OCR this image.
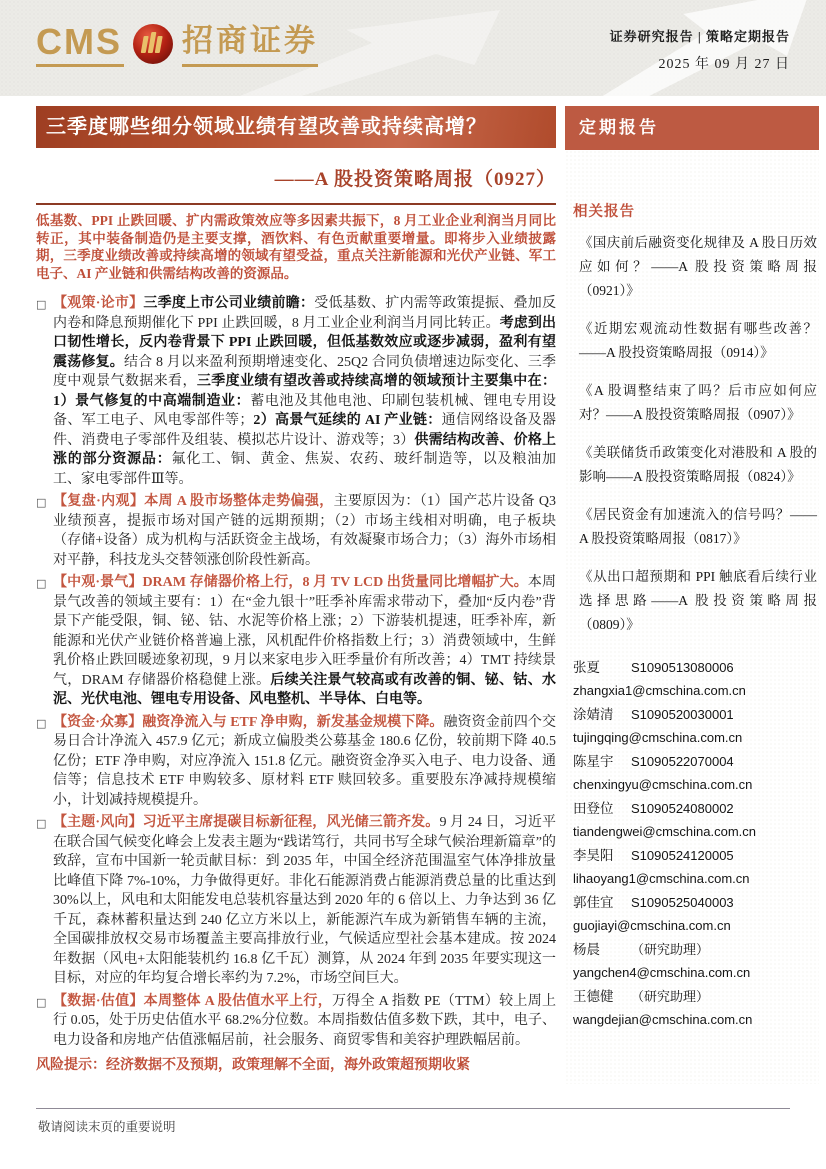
CMS 招商证券	证券研究报告 | 策略定期报告
2025 年 09 月 27 日
三季度哪些细分领域业绩有望改善或持续高增？
——A 股投资策略周报（0927）
低基数、PPI 止跌回暖、扩内需政策效应等多因素共振下，8 月工业企业利润当月同比转正，其中装备制造仍是主要支撑，酒饮料、有色贡献重要增量。即将步入业绩披露期，三季度业绩改善或持续高增的领域有望受益，重点关注新能源和光伏产业链、军工电子、AI 产业链和供需结构改善的资源品。
□ 【观策·论市】三季度上市公司业绩前瞻：受低基数、扩内需等政策提振、叠加反内卷和降息预期催化下 PPI 止跌回暖，8 月工业企业利润当月同比转正。考虑到出口韧性增长，反内卷背景下 PPI 止跌回暖，但低基数效应或逐步减弱，盈利有望震荡修复。结合 8 月以来盈利预期增速变化、25Q2 合同负债增速边际变化、三季度中观景气数据来看，三季度业绩有望改善或持续高增的领域预计主要集中在：1）景气修复的中高端制造业：蓄电池及其他电池、印刷包装机械、锂电专用设备、军工电子、风电零部件等；2）高景气延续的 AI 产业链：通信网络设备及器件、消费电子零部件及组装、模拟芯片设计、游戏等；3）供需结构改善、价格上涨的部分资源品：氟化工、铜、黄金、焦炭、农药、玻纤制造等，以及粮油加工、家电零部件Ⅲ等。
□ 【复盘·内观】本周 A 股市场整体走势偏强，主要原因为：（1）国产芯片设备 Q3 业绩预喜，提振市场对国产链的远期预期；（2）市场主线相对明确，电子板块（存储+设备）成为机构与活跃资金主战场，有效凝聚市场合力；（3）海外市场相对平静，科技龙头交替领涨创阶段性新高。
□ 【中观·景气】DRAM 存储器价格上行，8 月 TV LCD 出货量同比增幅扩大。本周景气改善的领域主要有：1）在“金九银十”旺季补库需求带动下，叠加“反内卷”背景下产能受限，铜、铋、钴、水泥等价格上涨；2）下游装机提速，旺季补库，新能源和光伏产业链价格普遍上涨，风机配件价格指数上行；3）消费领域中，生鲜乳价格止跌回暖迹象初现，9 月以来家电步入旺季量价有所改善；4）TMT 持续景气，DRAM 存储器价格稳健上涨。后续关注景气较高或有改善的铜、铋、钴、水泥、光伏电池、锂电专用设备、风电整机、半导体、白电等。
□ 【资金·众寡】融资净流入与 ETF 净申购，新发基金规模下降。融资资金前四个交易日合计净流入 457.9 亿元；新成立偏股类公募基金 180.6 亿份，较前期下降 40.5 亿份；ETF 净申购，对应净流入 151.8 亿元。融资资金净买入电子、电力设备、通信等；信息技术 ETF 申购较多、原材料 ETF 赎回较多。重要股东净减持规模缩小，计划减持规模提升。
□ 【主题·风向】习近平主席提碳目标新征程，风光储三箭齐发。9 月 24 日，习近平在联合国气候变化峰会上发表主题为“践诺笃行，共同书写全球气候治理新篇章”的致辞，宣布中国新一轮贡献目标：到 2035 年，中国全经济范围温室气体净排放量比峰值下降 7%-10%，力争做得更好。非化石能源消费占能源消费总量的比重达到 30%以上，风电和太阳能发电总装机容量达到 2020 年的 6 倍以上、力争达到 36 亿千瓦，森林蓄积量达到 240 亿立方米以上，新能源汽车成为新销售车辆的主流，全国碳排放权交易市场覆盖主要高排放行业，气候适应型社会基本建成。按 2024 年数据（风电+太阳能装机约 16.8 亿千瓦）测算，从 2024 年到 2035 年要实现这一目标，对应的年均复合增长率约为 7.2%，市场空间巨大。
□ 【数据·估值】本周整体 A 股估值水平上行，万得全 A 指数 PE（TTM）较上周上行 0.05，处于历史估值水平 68.2%分位数。本周指数估值多数下跌，其中，电子、电力设备和房地产估值涨幅居前，社会服务、商贸零售和美容护理跌幅居前。
风险提示：经济数据不及预期，政策理解不全面，海外政策超预期收紧
定期报告
相关报告
《国庆前后融资变化规律及 A 股日历效应如何？——A 股投资策略周报（0921）》
《近期宏观流动性数据有哪些改善？——A 股投资策略周报（0914）》
《A 股调整结束了吗？后市应如何应对？——A 股投资策略周报（0907）》
《美联储货币政策变化对港股和 A 股的影响——A 股投资策略周报（0824）》
《居民资金有加速流入的信号吗？——A 股投资策略周报（0817）》
《从出口超预期和 PPI 触底看后续行业选择思路——A 股投资策略周报（0809）》
张夏	S1090513080006
zhangxia1@cmschina.com.cn
涂婧清	S1090520030001
tujingqing@cmschina.com.cn
陈星宇	S1090522070004
chenxingyu@cmschina.com.cn
田登位	S1090524080002
tiandengwei@cmschina.com.cn
李昊阳	S1090524120005
lihaoyang1@cmschina.com.cn
郭佳宜	S1090525040003
guojiayi@cmschina.com.cn
杨晨	（研究助理）
yangchen4@cmschina.com.cn
王德健	（研究助理）
wangdejian@cmschina.com.cn
敬请阅读末页的重要说明
